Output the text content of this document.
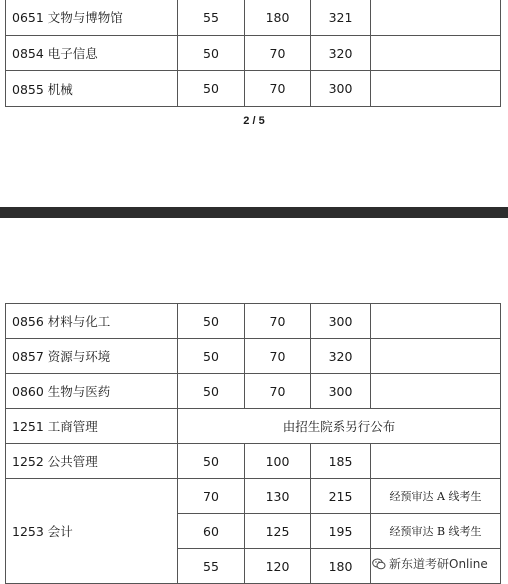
0651 文物与博物馆	55	180	321	
0854 电子信息	50	70	320	
0855 机械	50	70	300	
2 / 5
0856 材料与化工	50	70	300	
0857 资源与环境	50	70	320	
0860 生物与医药	50	70	300	
1251 工商管理	由招生院系另行公布			
1252 公共管理	50	100	185	
1253 会计	70	130	215	经预审达 A 线考生
	60	125	195	经预审达 B 线考生
	55	120	180		新东道考研Online
